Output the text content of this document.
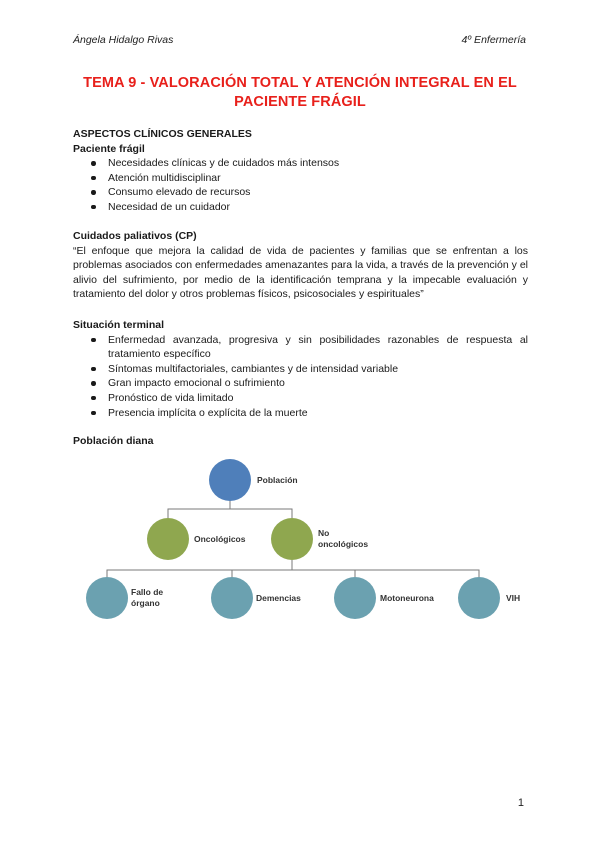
Ángela Hidalgo Rivas	4º Enfermería
TEMA 9 - VALORACIÓN TOTAL Y ATENCIÓN INTEGRAL EN EL
PACIENTE FRÁGIL
ASPECTOS CLÍNICOS GENERALES
Paciente frágil
Necesidades clínicas y de cuidados más intensos
Atención multidisciplinar
Consumo elevado de recursos
Necesidad de un cuidador
Cuidados paliativos (CP)
“El enfoque que mejora la calidad de vida de pacientes y familias que se enfrentan a los problemas asociados con enfermedades amenazantes para la vida, a través de la prevención y el alivio del sufrimiento, por medio de la identificación temprana y la impecable evaluación y tratamiento del dolor y otros problemas físicos, psicosociales y espirituales”
Situación terminal
Enfermedad avanzada, progresiva y sin posibilidades razonables de respuesta al tratamiento específico
Síntomas multifactoriales, cambiantes y de intensidad variable
Gran impacto emocional o sufrimiento
Pronóstico de vida limitado
Presencia implícita o explícita de la muerte
Población diana
Población
Oncológicos
No oncológicos
Fallo de órgano	Demencias	Motoneurona	VIH
1
